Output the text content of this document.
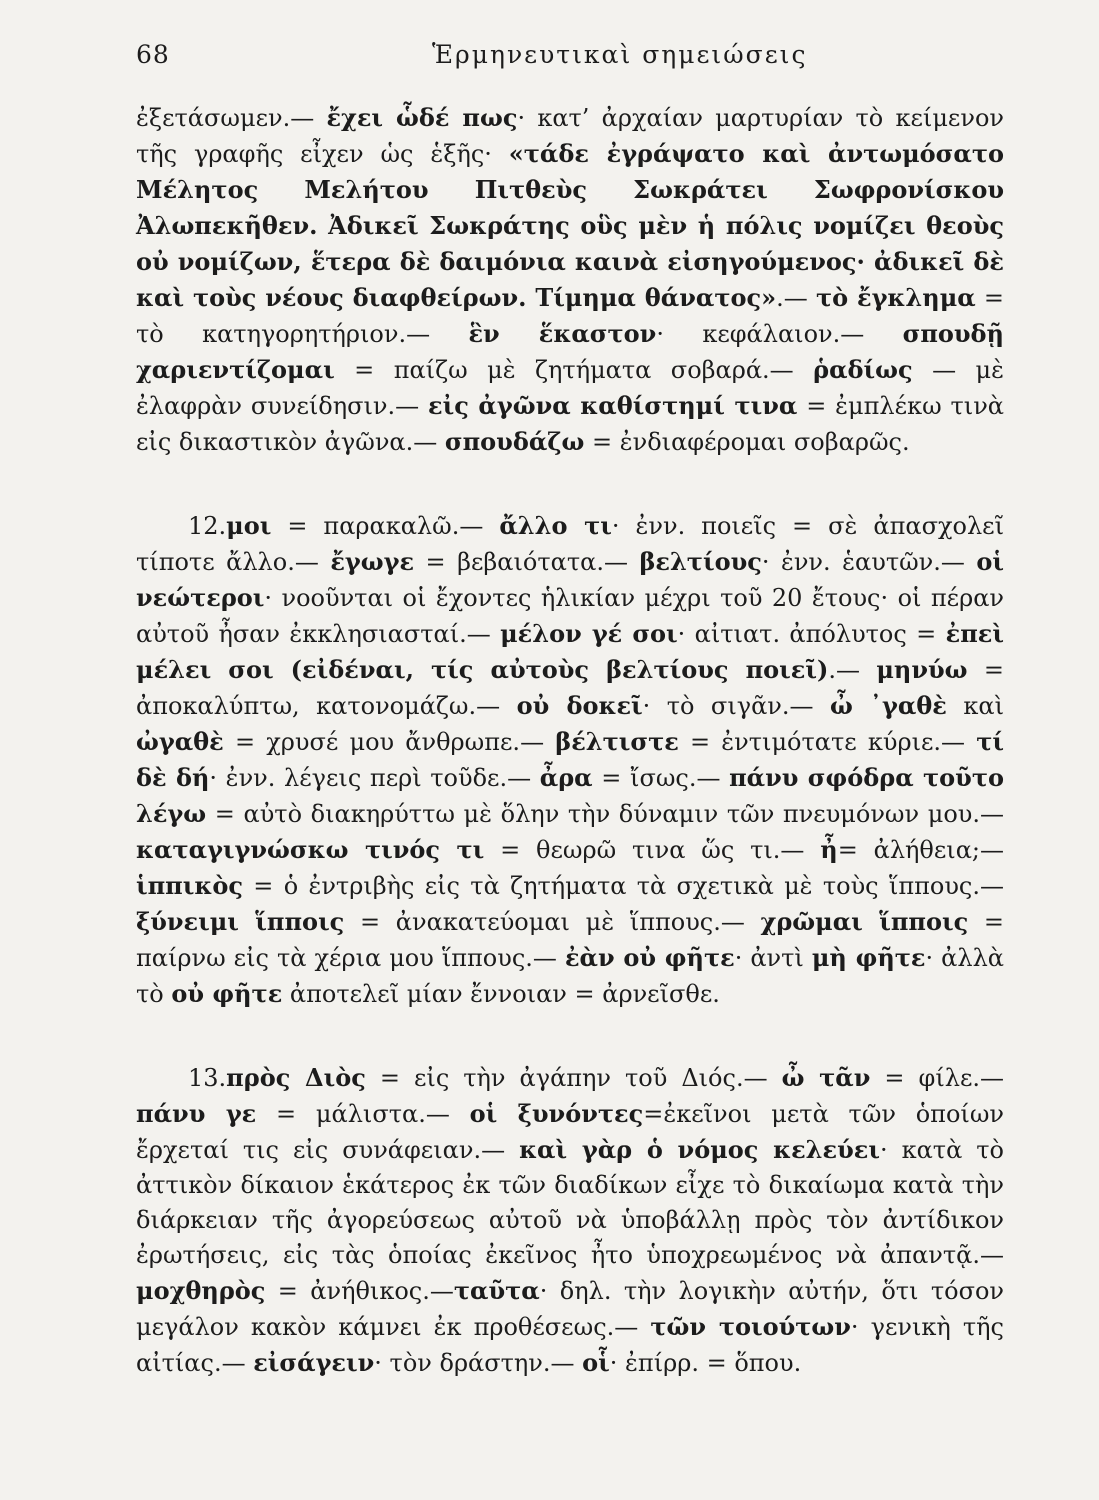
68	Ἑρμηνευτικαὶ σημειώσεις

ἐξετάσωμεν.— ἔχει ὧδέ πως· κατ’ ἀρχαίαν μαρτυρίαν τὸ κείμενον τῆς γραφῆς εἶχεν ὡς ἑξῆς· «τάδε ἐγράψατο καὶ ἀντωμόσατο Μέλητος Μελήτου Πιτθεὺς Σωκράτει Σωφρονίσκου Ἀλωπεκῆθεν. Ἀδικεῖ Σωκράτης οὓς μὲν ἡ πόλις νομίζει θεοὺς οὐ νομίζων, ἕτερα δὲ δαιμόνια καινὰ εἰσηγούμενος· ἀδικεῖ δὲ καὶ τοὺς νέους διαφθείρων. Τίμημα θάνατος».— τὸ ἔγκλημα = τὸ κατηγορητήριον.— ἓν ἕκαστον· κεφάλαιον.— σπουδῇ χαριεντίζομαι = παίζω μὲ ζητήματα σοβαρά.— ῥαδίως — μὲ ἐλαφρὰν συνείδησιν.— εἰς ἀγῶνα καθίστημί τινα = ἐμπλέκω τινὰ εἰς δικαστικὸν ἀγῶνα.— σπουδάζω = ἐνδιαφέρομαι σοβαρῶς.

12.μοι = παρακαλῶ.— ἄλλο τι· ἐνν. ποιεῖς = σὲ ἀπασχολεῖ τίποτε ἄλλο.— ἔγωγε = βεβαιότατα.— βελτίους· ἐνν. ἑαυτῶν.— οἱ νεώτεροι· νοοῦνται οἱ ἔχοντες ἡλικίαν μέχρι τοῦ 20 ἔτους· οἱ πέραν αὐτοῦ ἦσαν ἐκκλησιασταί.— μέλον γέ σοι· αἰτιατ. ἀπόλυτος = ἐπεὶ μέλει σοι (εἰδέναι, τίς αὐτοὺς βελτίους ποιεῖ).— μηνύω = ἀποκαλύπτω, κατονομάζω.— οὐ δοκεῖ· τὸ σιγᾶν.— ὦ ᾽γαθὲ καὶ ὠγαθὲ = χρυσέ μου ἄνθρωπε.— βέλτιστε = ἐντιμότατε κύριε.— τί δὲ δή· ἐνν. λέγεις περὶ τοῦδε.— ἆρα = ἴσως.— πάνυ σφόδρα τοῦτο λέγω = αὐτὸ διακηρύττω μὲ ὅλην τὴν δύναμιν τῶν πνευμόνων μου.— καταγιγνώσκω τινός τι = θεωρῶ τινα ὥς τι.— ἦ= ἀλήθεια;— ἱππικὸς = ὁ ἐντριβὴς εἰς τὰ ζητήματα τὰ σχετικὰ μὲ τοὺς ἵππους.— ξύνειμι ἵπποις = ἀνακατεύομαι μὲ ἵππους.— χρῶμαι ἵπποις = παίρνω εἰς τὰ χέρια μου ἵππους.— ἐὰν οὐ φῆτε· ἀντὶ μὴ φῆτε· ἀλλὰ τὸ οὐ φῆτε ἀποτελεῖ μίαν ἔννοιαν = ἀρνεῖσθε.

13.πρὸς Διὸς = εἰς τὴν ἀγάπην τοῦ Διός.— ὦ τᾶν = φίλε.— πάνυ γε = μάλιστα.— οἱ ξυνόντες=ἐκεῖνοι μετὰ τῶν ὁποίων ἔρχεταί τις εἰς συνάφειαν.— καὶ γὰρ ὁ νόμος κελεύει· κατὰ τὸ ἀττικὸν δίκαιον ἑκάτερος ἐκ τῶν διαδίκων εἶχε τὸ δικαίωμα κατὰ τὴν διάρκειαν τῆς ἀγορεύσεως αὐτοῦ νὰ ὑποβάλλῃ πρὸς τὸν ἀντίδικον ἐρωτήσεις, εἰς τὰς ὁποίας ἐκεῖνος ἦτο ὑποχρεωμένος νὰ ἀπαντᾷ.— μοχθηρὸς = ἀνήθικος.—ταῦτα· δηλ. τὴν λογικὴν αὐτήν, ὅτι τόσον μεγάλον κακὸν κάμνει ἐκ προθέσεως.— τῶν τοιούτων· γενικὴ τῆς αἰτίας.— εἰσάγειν· τὸν δράστην.— οἷ· ἐπίρρ. = ὅπου.
